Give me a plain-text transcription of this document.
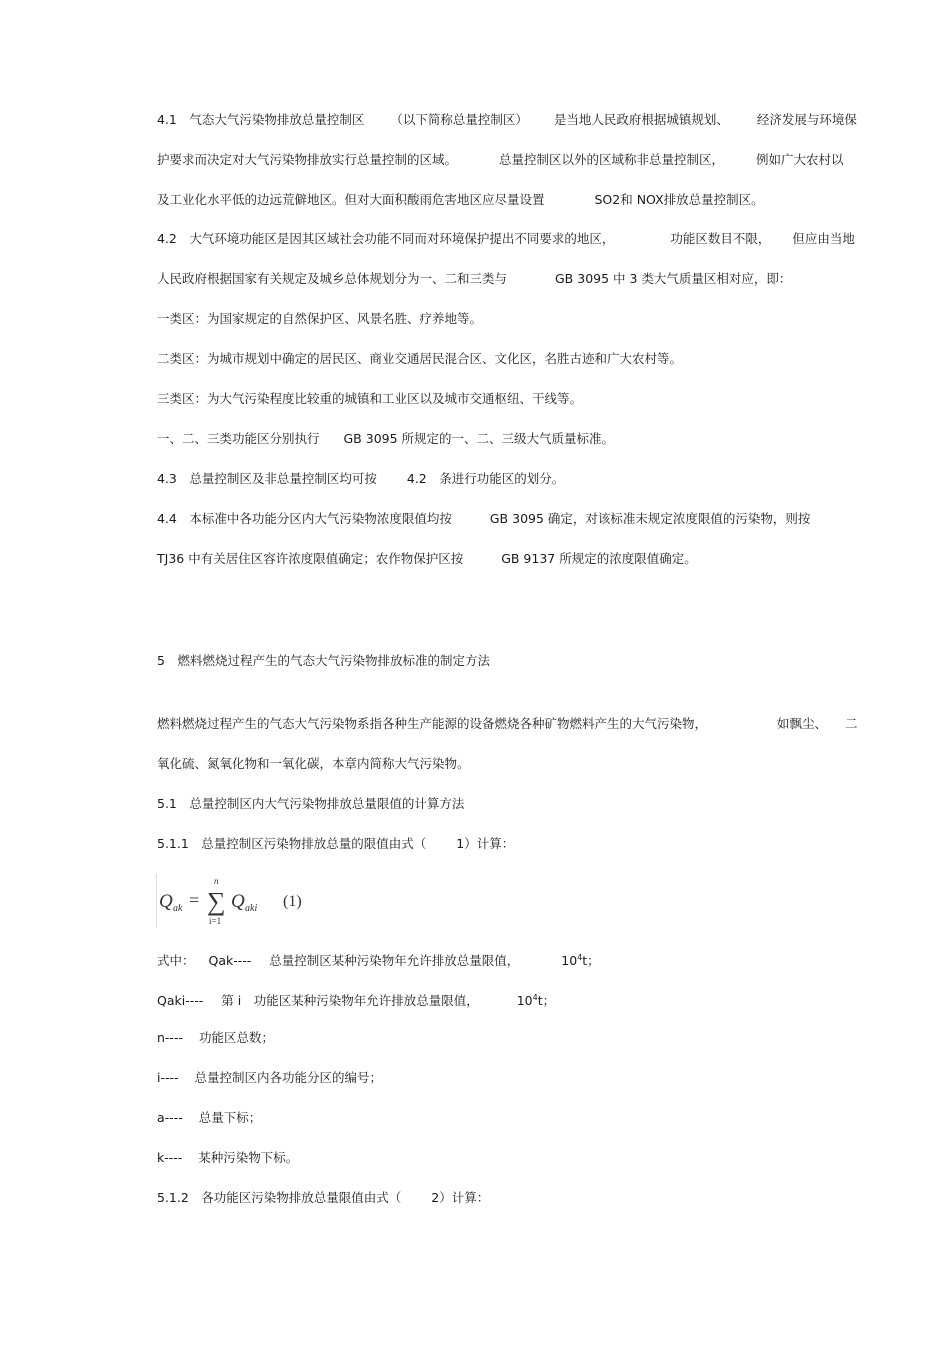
4.1　气态大气污染物排放总量控制区 （以下简称总量控制区） 是当地人民政府根据城镇规划、 经济发展与环境保
护要求而决定对大气污染物排放实行总量控制的区域。	总量控制区以外的区域称非总量控制区，	例如广大农村以
及工业化水平低的边远荒僻地区。但对大面积酸雨危害地区应尽量设置	SO2和 NOX排放总量控制区。
4.2　大气环境功能区是因其区域社会功能不同而对环境保护提出不同要求的地区，	功能区数目不限， 但应由当地
人民政府根据国家有关规定及城乡总体规划分为一、二和三类与	GB 3095 中 3 类大气质量区相对应，即：
一类区：为国家规定的自然保护区、风景名胜、疗养地等。
二类区：为城市规划中确定的居民区、商业交通居民混合区、文化区，名胜古迹和广大农村等。
三类区：为大气污染程度比较重的城镇和工业区以及城市交通枢纽、干线等。
一、二、三类功能区分别执行 GB 3095 所规定的一、二、三级大气质量标准。
4.3　总量控制区及非总量控制区均可按 4.2　条进行功能区的划分。
4.4　本标准中各功能分区内大气污染物浓度限值均按	GB 3095 确定，对该标准未规定浓度限值的污染物，则按
TJ36 中有关居住区容许浓度限值确定；农作物保护区按	GB 9137 所规定的浓度限值确定。
5　燃料燃烧过程产生的气态大气污染物排放标准的制定方法
燃料燃烧过程产生的气态大气污染物系指各种生产能源的设备燃烧各种矿物燃料产生的大气污染物，	如飘尘、 二
氧化硫、氮氧化物和一氧化碳，本章内简称大气污染物。
5.1　总量控制区内大气污染物排放总量限值的计算方法
5.1.1　总量控制区污染物排放总量的限值由式（ 1）计算：
Q ak = ∑
n
i=1
Q aki (1)
式中： Qak---- 总量控制区某种污染物年允许排放总量限值，	$10^4t$；
Qaki---- 第 i　功能区某种污染物年允许排放总量限值，	$10^4t$；
n---- 功能区总数；
i---- 总量控制区内各功能分区的编号；
a---- 总量下标；
k---- 某种污染物下标。
5.1.2　各功能区污染物排放总量限值由式（ 2）计算：
